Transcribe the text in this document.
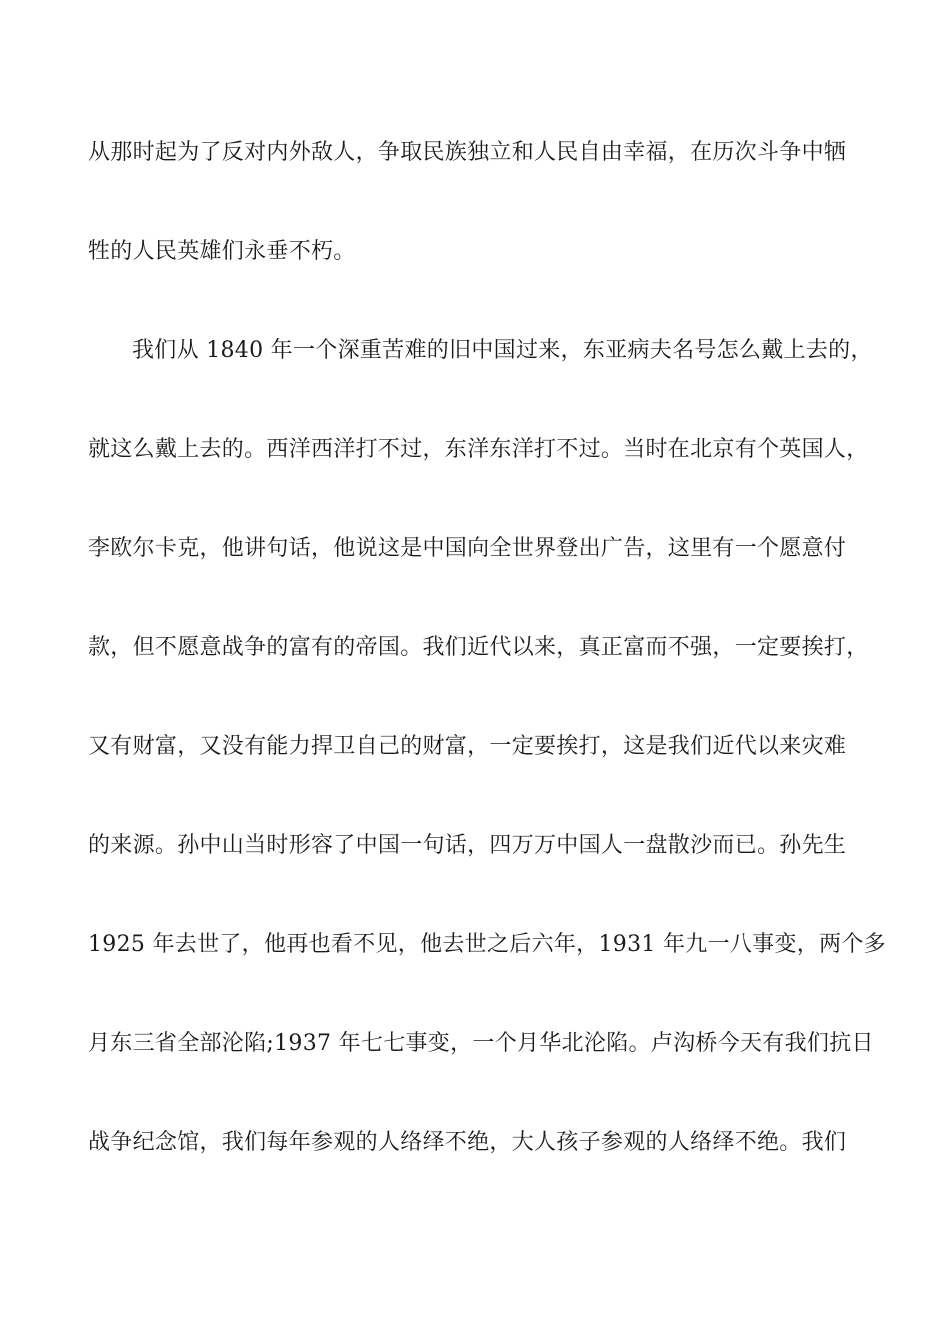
从那时起为了反对内外敌人，争取民族独立和人民自由幸福，在历次斗争中牺
牲的人民英雄们永垂不朽。
我们从 1840 年一个深重苦难的旧中国过来，东亚病夫名号怎么戴上去的，
就这么戴上去的。西洋西洋打不过，东洋东洋打不过。当时在北京有个英国人，
李欧尔卡克，他讲句话，他说这是中国向全世界登出广告，这里有一个愿意付
款，但不愿意战争的富有的帝国。我们近代以来，真正富而不强，一定要挨打，
又有财富，又没有能力捍卫自己的财富，一定要挨打，这是我们近代以来灾难
的来源。孙中山当时形容了中国一句话，四万万中国人一盘散沙而已。孙先生
1925 年去世了，他再也看不见，他去世之后六年，1931 年九一八事变，两个多
月东三省全部沦陷;1937 年七七事变，一个月华北沦陷。卢沟桥今天有我们抗日
战争纪念馆，我们每年参观的人络绎不绝，大人孩子参观的人络绎不绝。我们
